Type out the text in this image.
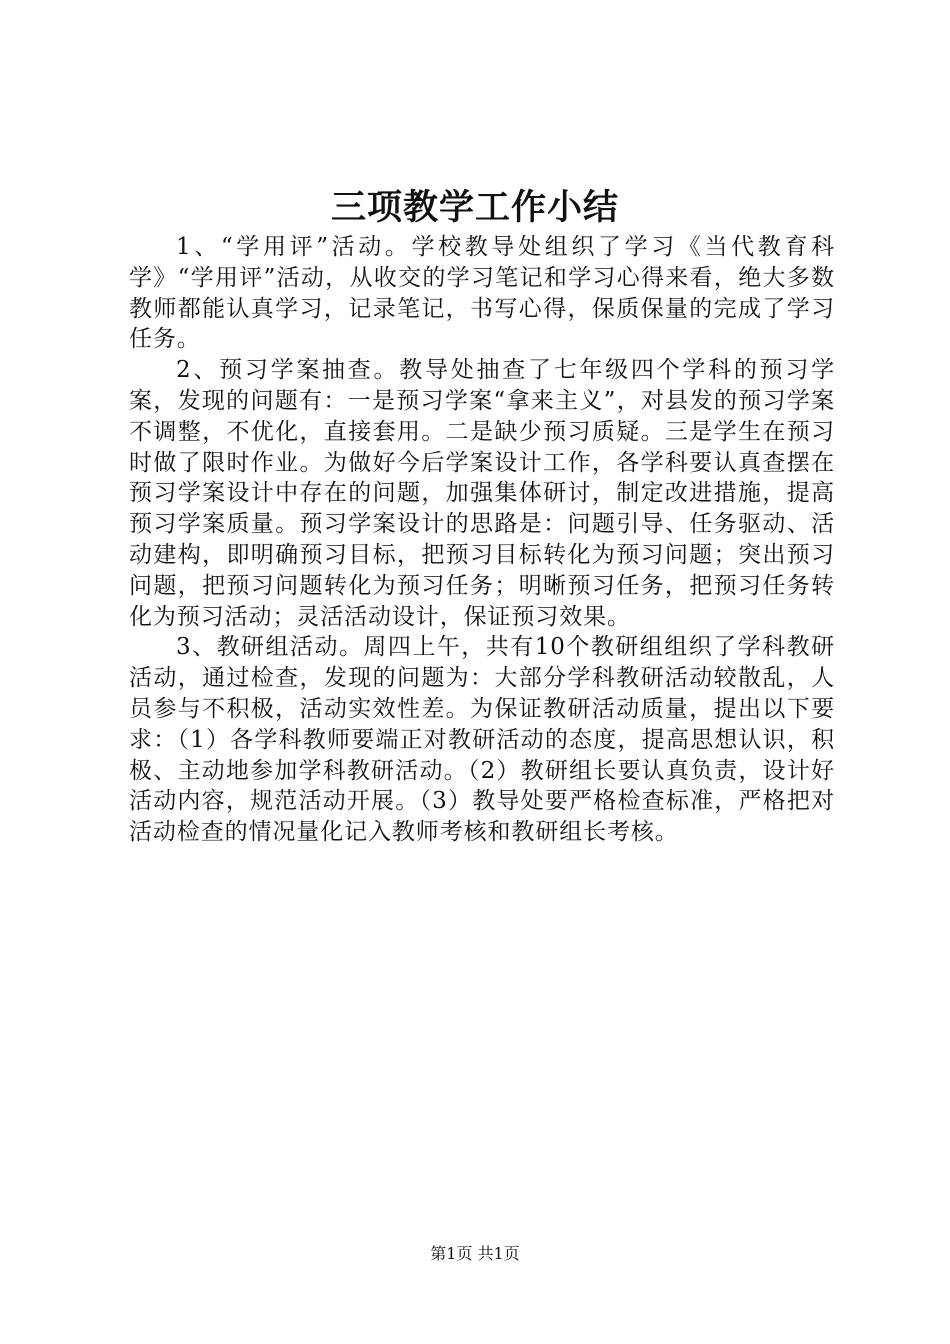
三项教学工作小结

1、“学用评”活动。学校教导处组织了学习《当代教育科学》“学用评”活动，从收交的学习笔记和学习心得来看，绝大多数教师都能认真学习，记录笔记，书写心得，保质保量的完成了学习任务。

2、预习学案抽查。教导处抽查了七年级四个学科的预习学案，发现的问题有：一是预习学案“拿来主义”，对县发的预习学案不调整，不优化，直接套用。二是缺少预习质疑。三是学生在预习时做了限时作业。为做好今后学案设计工作，各学科要认真查摆在预习学案设计中存在的问题，加强集体研讨，制定改进措施，提高预习学案质量。预习学案设计的思路是：问题引导、任务驱动、活动建构，即明确预习目标，把预习目标转化为预习问题；突出预习问题，把预习问题转化为预习任务；明晰预习任务，把预习任务转化为预习活动；灵活活动设计，保证预习效果。

3、教研组活动。周四上午，共有10个教研组组织了学科教研活动，通过检查，发现的问题为：大部分学科教研活动较散乱，人员参与不积极，活动实效性差。为保证教研活动质量，提出以下要求：（1）各学科教师要端正对教研活动的态度，提高思想认识，积极、主动地参加学科教研活动。（2）教研组长要认真负责，设计好活动内容，规范活动开展。（3）教导处要严格检查标准，严格把对活动检查的情况量化记入教师考核和教研组长考核。

第1页 共1页
